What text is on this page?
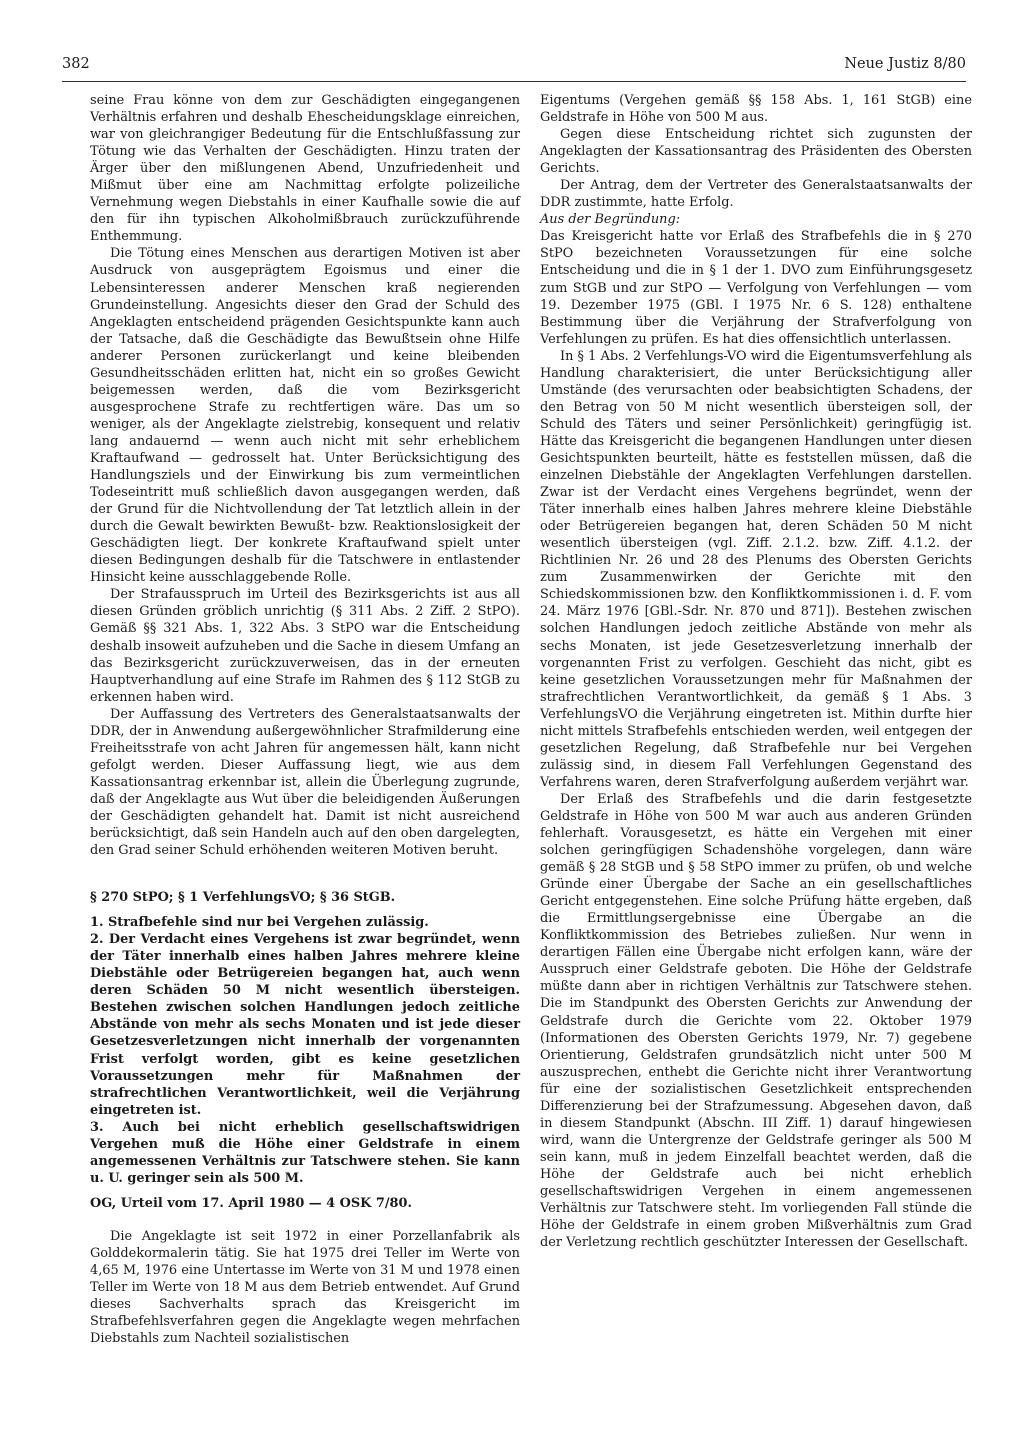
382	Neue Justiz 8/80

seine Frau könne von dem zur Geschädigten eingegangenen Verhältnis erfahren und deshalb Ehescheidungsklage einreichen, war von gleichrangiger Bedeutung für die Entschlußfassung zur Tötung wie das Verhalten der Geschädigten. Hinzu traten der Ärger über den mißlungenen Abend, Unzufriedenheit und Mißmut über eine am Nachmittag erfolgte polizeiliche Vernehmung wegen Diebstahls in einer Kaufhalle sowie die auf den für ihn typischen Alkoholmißbrauch zurückzuführende Enthemmung.

Die Tötung eines Menschen aus derartigen Motiven ist aber Ausdruck von ausgeprägtem Egoismus und einer die Lebensinteressen anderer Menschen kraß negierenden Grundeinstellung. Angesichts dieser den Grad der Schuld des Angeklagten entscheidend prägenden Gesichtspunkte kann auch der Tatsache, daß die Geschädigte das Bewußtsein ohne Hilfe anderer Personen zurückerlangt und keine bleibenden Gesundheitsschäden erlitten hat, nicht ein so großes Gewicht beigemessen werden, daß die vom Bezirksgericht ausgesprochene Strafe zu rechtfertigen wäre. Das um so weniger, als der Angeklagte zielstrebig, konsequent und relativ lang andauernd — wenn auch nicht mit sehr erheblichem Kraftaufwand — gedrosselt hat. Unter Berücksichtigung des Handlungsziels und der Einwirkung bis zum vermeintlichen Todeseintritt muß schließlich davon ausgegangen werden, daß der Grund für die Nichtvollendung der Tat letztlich allein in der durch die Gewalt bewirkten Bewußt- bzw. Reaktionslosigkeit der Geschädigten liegt. Der konkrete Kraftaufwand spielt unter diesen Bedingungen deshalb für die Tatschwere in entlastender Hinsicht keine ausschlaggebende Rolle.

Der Strafausspruch im Urteil des Bezirksgerichts ist aus all diesen Gründen gröblich unrichtig (§ 311 Abs. 2 Ziff. 2 StPO). Gemäß §§ 321 Abs. 1, 322 Abs. 3 StPO war die Entscheidung deshalb insoweit aufzuheben und die Sache in diesem Umfang an das Bezirksgericht zurückzuverweisen, das in der erneuten Hauptverhandlung auf eine Strafe im Rahmen des § 112 StGB zu erkennen haben wird.

Der Auffassung des Vertreters des Generalstaatsanwalts der DDR, der in Anwendung außergewöhnlicher Strafmilderung eine Freiheitsstrafe von acht Jahren für angemessen hält, kann nicht gefolgt werden. Dieser Auffassung liegt, wie aus dem Kassationsantrag erkennbar ist, allein die Überlegung zugrunde, daß der Angeklagte aus Wut über die beleidigenden Äußerungen der Geschädigten gehandelt hat. Damit ist nicht ausreichend berücksichtigt, daß sein Handeln auch auf den oben dargelegten, den Grad seiner Schuld erhöhenden weiteren Motiven beruht.

§ 270 StPO; § 1 VerfehlungsVO; § 36 StGB.

1. Strafbefehle sind nur bei Vergehen zulässig.

2. Der Verdacht eines Vergehens ist zwar begründet, wenn der Täter innerhalb eines halben Jahres mehrere kleine Diebstähle oder Betrügereien begangen hat, auch wenn deren Schäden 50 M nicht wesentlich übersteigen. Bestehen zwischen solchen Handlungen jedoch zeitliche Abstände von mehr als sechs Monaten und ist jede dieser Gesetzesverletzungen nicht innerhalb der vorgenannten Frist verfolgt worden, gibt es keine gesetzlichen Voraussetzungen mehr für Maßnahmen der strafrechtlichen Verantwortlichkeit, weil die Verjährung eingetreten ist.

3. Auch bei nicht erheblich gesellschaftswidrigen Vergehen muß die Höhe einer Geldstrafe in einem angemessenen Verhältnis zur Tatschwere stehen. Sie kann u. U. geringer sein als 500 M.

OG, Urteil vom 17. April 1980 — 4 OSK 7/80.

Die Angeklagte ist seit 1972 in einer Porzellanfabrik als Golddekormalerin tätig. Sie hat 1975 drei Teller im Werte von 4,65 M, 1976 eine Untertasse im Werte von 31 M und 1978 einen Teller im Werte von 18 M aus dem Betrieb entwendet. Auf Grund dieses Sachverhalts sprach das Kreisgericht im Strafbefehlsverfahren gegen die Angeklagte wegen mehrfachen Diebstahls zum Nachteil sozialistischen

Eigentums (Vergehen gemäß §§ 158 Abs. 1, 161 StGB) eine Geldstrafe in Höhe von 500 M aus.

Gegen diese Entscheidung richtet sich zugunsten der Angeklagten der Kassationsantrag des Präsidenten des Obersten Gerichts.

Der Antrag, dem der Vertreter des Generalstaatsanwalts der DDR zustimmte, hatte Erfolg.

Aus der Begründung:

Das Kreisgericht hatte vor Erlaß des Strafbefehls die in § 270 StPO bezeichneten Voraussetzungen für eine solche Entscheidung und die in § 1 der 1. DVO zum Einführungsgesetz zum StGB und zur StPO — Verfolgung von Verfehlungen — vom 19. Dezember 1975 (GBl. I 1975 Nr. 6 S. 128) enthaltene Bestimmung über die Verjährung der Strafverfolgung von Verfehlungen zu prüfen. Es hat dies offensichtlich unterlassen.

In § 1 Abs. 2 Verfehlungs-VO wird die Eigentumsverfehlung als Handlung charakterisiert, die unter Berücksichtigung aller Umstände (des verursachten oder beabsichtigten Schadens, der den Betrag von 50 M nicht wesentlich übersteigen soll, der Schuld des Täters und seiner Persönlichkeit) geringfügig ist. Hätte das Kreisgericht die begangenen Handlungen unter diesen Gesichtspunkten beurteilt, hätte es feststellen müssen, daß die einzelnen Diebstähle der Angeklagten Verfehlungen darstellen. Zwar ist der Verdacht eines Vergehens begründet, wenn der Täter innerhalb eines halben Jahres mehrere kleine Diebstähle oder Betrügereien begangen hat, deren Schäden 50 M nicht wesentlich übersteigen (vgl. Ziff. 2.1.2. bzw. Ziff. 4.1.2. der Richtlinien Nr. 26 und 28 des Plenums des Obersten Gerichts zum Zusammenwirken der Gerichte mit den Schiedskommissionen bzw. den Konfliktkommissionen i. d. F. vom 24. März 1976 [GBl.-Sdr. Nr. 870 und 871]). Bestehen zwischen solchen Handlungen jedoch zeitliche Abstände von mehr als sechs Monaten, ist jede Gesetzesverletzung innerhalb der vorgenannten Frist zu verfolgen. Geschieht das nicht, gibt es keine gesetzlichen Voraussetzungen mehr für Maßnahmen der strafrechtlichen Verantwortlichkeit, da gemäß § 1 Abs. 3 VerfehlungsVO die Verjährung eingetreten ist. Mithin durfte hier nicht mittels Strafbefehls entschieden werden, weil entgegen der gesetzlichen Regelung, daß Strafbefehle nur bei Vergehen zulässig sind, in diesem Fall Verfehlungen Gegenstand des Verfahrens waren, deren Strafverfolgung außerdem verjährt war.

Der Erlaß des Strafbefehls und die darin festgesetzte Geldstrafe in Höhe von 500 M war auch aus anderen Gründen fehlerhaft. Vorausgesetzt, es hätte ein Vergehen mit einer solchen geringfügigen Schadenshöhe vorgelegen, dann wäre gemäß § 28 StGB und § 58 StPO immer zu prüfen, ob und welche Gründe einer Übergabe der Sache an ein gesellschaftliches Gericht entgegenstehen. Eine solche Prüfung hätte ergeben, daß die Ermittlungsergebnisse eine Übergabe an die Konfliktkommission des Betriebes zuließen. Nur wenn in derartigen Fällen eine Übergabe nicht erfolgen kann, wäre der Ausspruch einer Geldstrafe geboten. Die Höhe der Geldstrafe müßte dann aber in richtigen Verhältnis zur Tatschwere stehen. Die im Standpunkt des Obersten Gerichts zur Anwendung der Geldstrafe durch die Gerichte vom 22. Oktober 1979 (Informationen des Obersten Gerichts 1979, Nr. 7) gegebene Orientierung, Geldstrafen grundsätzlich nicht unter 500 M auszusprechen, enthebt die Gerichte nicht ihrer Verantwortung für eine der sozialistischen Gesetzlichkeit entsprechenden Differenzierung bei der Strafzumessung. Abgesehen davon, daß in diesem Standpunkt (Abschn. III Ziff. 1) darauf hingewiesen wird, wann die Untergrenze der Geldstrafe geringer als 500 M sein kann, muß in jedem Einzelfall beachtet werden, daß die Höhe der Geldstrafe auch bei nicht erheblich gesellschaftswidrigen Vergehen in einem angemessenen Verhältnis zur Tatschwere steht. Im vorliegenden Fall stünde die Höhe der Geldstrafe in einem groben Mißverhältnis zum Grad der Verletzung rechtlich geschützter Interessen der Gesellschaft.
